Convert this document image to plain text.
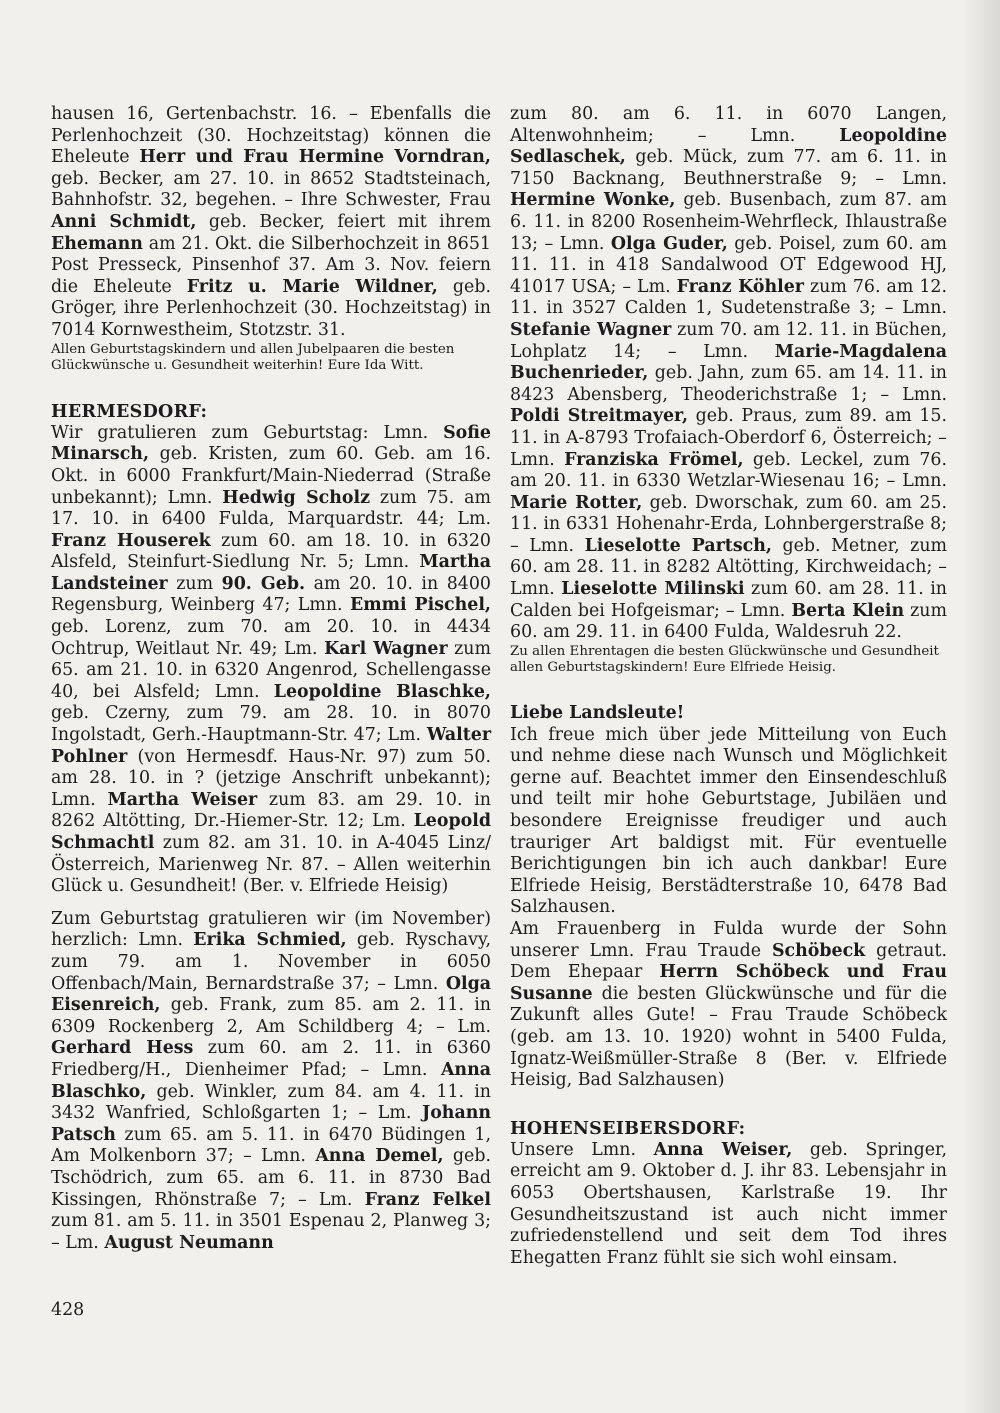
hausen 16, Gertenbachstr. 16. – Ebenfalls die Perlenhochzeit (30. Hochzeitstag) können die Eheleute Herr und Frau Hermine Vorndran, geb. Becker, am 27. 10. in 8652 Stadtsteinach, Bahnhofstr. 32, begehen. – Ihre Schwester, Frau Anni Schmidt, geb. Becker, feiert mit ihrem Ehemann am 21. Okt. die Silberhochzeit in 8651 Post Presseck, Pinsenhof 37. Am 3. Nov. feiern die Eheleute Fritz u. Marie Wildner, geb. Gröger, ihre Perlenhochzeit (30. Hochzeitstag) in 7014 Kornwestheim, Stotzstr. 31.

Allen Geburtstagskindern und allen Jubelpaaren die besten Glückwünsche u. Gesundheit weiterhin! Eure Ida Witt.

HERMESDORF:

Wir gratulieren zum Geburtstag: Lmn. Sofie Minarsch, geb. Kristen, zum 60. Geb. am 16. Okt. in 6000 Frankfurt/Main-Niederrad (Straße unbekannt); Lmn. Hedwig Scholz zum 75. am 17. 10. in 6400 Fulda, Marquardstr. 44; Lm. Franz Houserek zum 60. am 18. 10. in 6320 Alsfeld, Steinfurt-Siedlung Nr. 5; Lmn. Martha Landsteiner zum 90. Geb. am 20. 10. in 8400 Regensburg, Weinberg 47; Lmn. Emmi Pischel, geb. Lorenz, zum 70. am 20. 10. in 4434 Ochtrup, Weitlaut Nr. 49; Lm. Karl Wagner zum 65. am 21. 10. in 6320 Angenrod, Schellengasse 40, bei Alsfeld; Lmn. Leopoldine Blaschke, geb. Czerny, zum 79. am 28. 10. in 8070 Ingolstadt, Gerh.-Hauptmann-Str. 47; Lm. Walter Pohlner (von Hermesdf. Haus-Nr. 97) zum 50. am 28. 10. in ? (jetzige Anschrift unbekannt); Lmn. Martha Weiser zum 83. am 29. 10. in 8262 Altötting, Dr.-Hiemer-Str. 12; Lm. Leopold Schmachtl zum 82. am 31. 10. in A-4045 Linz/Österreich, Marienweg Nr. 87. – Allen weiterhin Glück u. Gesundheit! (Ber. v. Elfriede Heisig)

Zum Geburtstag gratulieren wir (im November) herzlich: Lmn. Erika Schmied, geb. Ryschavy, zum 79. am 1. November in 6050 Offenbach/Main, Bernardstraße 37; – Lmn. Olga Eisenreich, geb. Frank, zum 85. am 2. 11. in 6309 Rockenberg 2, Am Schildberg 4; – Lm. Gerhard Hess zum 60. am 2. 11. in 6360 Friedberg/H., Dienheimer Pfad; – Lmn. Anna Blaschko, geb. Winkler, zum 84. am 4. 11. in 3432 Wanfried, Schloßgarten 1; – Lm. Johann Patsch zum 65. am 5. 11. in 6470 Büdingen 1, Am Molkenborn 37; – Lmn. Anna Demel, geb. Tschödrich, zum 65. am 6. 11. in 8730 Bad Kissingen, Rhönstraße 7; – Lm. Franz Felkel zum 81. am 5. 11. in 3501 Espenau 2, Planweg 3; – Lm. August Neumann

zum 80. am 6. 11. in 6070 Langen, Altenwohnheim; – Lmn. Leopoldine Sedlaschek, geb. Mück, zum 77. am 6. 11. in 7150 Backnang, Beuthnerstraße 9; – Lmn. Hermine Wonke, geb. Busenbach, zum 87. am 6. 11. in 8200 Rosenheim-Wehrfleck, Ihlaustraße 13; – Lmn. Olga Guder, geb. Poisel, zum 60. am 11. 11. in 418 Sandalwood OT Edgewood HJ, 41017 USA; – Lm. Franz Köhler zum 76. am 12. 11. in 3527 Calden 1, Sudetenstraße 3; – Lmn. Stefanie Wagner zum 70. am 12. 11. in Büchen, Lohplatz 14; – Lmn. Marie-Magdalena Buchenrieder, geb. Jahn, zum 65. am 14. 11. in 8423 Abensberg, Theoderichstraße 1; – Lmn. Poldi Streitmayer, geb. Praus, zum 89. am 15. 11. in A-8793 Trofaiach-Oberdorf 6, Österreich; – Lmn. Franziska Frömel, geb. Leckel, zum 76. am 20. 11. in 6330 Wetzlar-Wiesenau 16; – Lmn. Marie Rotter, geb. Dworschak, zum 60. am 25. 11. in 6331 Hohenahr-Erda, Lohnbergerstraße 8; – Lmn. Lieselotte Partsch, geb. Metner, zum 60. am 28. 11. in 8282 Altötting, Kirchweidach; – Lmn. Lieselotte Milinski zum 60. am 28. 11. in Calden bei Hofgeismar; – Lmn. Berta Klein zum 60. am 29. 11. in 6400 Fulda, Waldesruh 22.

Zu allen Ehrentagen die besten Glückwünsche und Gesundheit allen Geburtstagskindern! Eure Elfriede Heisig.

Liebe Landsleute!

Ich freue mich über jede Mitteilung von Euch und nehme diese nach Wunsch und Möglichkeit gerne auf. Beachtet immer den Einsendeschluß und teilt mir hohe Geburtstage, Jubiläen und besondere Ereignisse freudiger und auch trauriger Art baldigst mit. Für eventuelle Berichtigungen bin ich auch dankbar! Eure Elfriede Heisig, Berstädterstraße 10, 6478 Bad Salzhausen.

Am Frauenberg in Fulda wurde der Sohn unserer Lmn. Frau Traude Schöbeck getraut. Dem Ehepaar Herrn Schöbeck und Frau Susanne die besten Glückwünsche und für die Zukunft alles Gute! – Frau Traude Schöbeck (geb. am 13. 10. 1920) wohnt in 5400 Fulda, Ignatz-Weißmüller-Straße 8 (Ber. v. Elfriede Heisig, Bad Salzhausen)

HOHENSEIBERSDORF:

Unsere Lmn. Anna Weiser, geb. Springer, erreicht am 9. Oktober d. J. ihr 83. Lebensjahr in 6053 Obertshausen, Karlstraße 19. Ihr Gesundheitszustand ist auch nicht immer zufriedenstellend und seit dem Tod ihres Ehegatten Franz fühlt sie sich wohl einsam.

428
